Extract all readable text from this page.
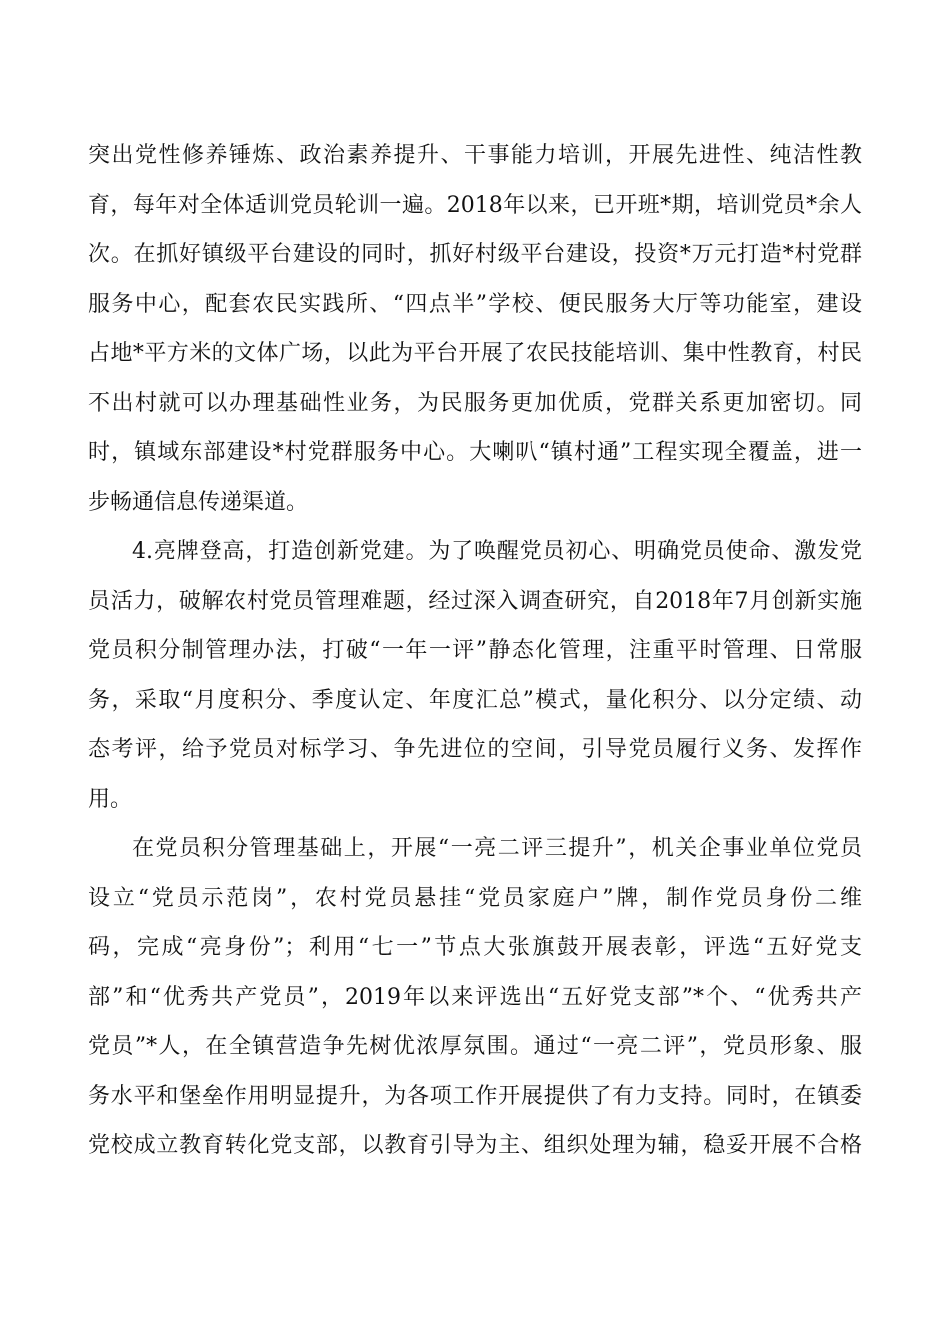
突出党性修养锤炼、政治素养提升、干事能力培训，开展先进性、纯洁性教
育，每年对全体适训党员轮训一遍。2018年以来，已开班*期，培训党员*余人
次。在抓好镇级平台建设的同时，抓好村级平台建设，投资*万元打造*村党群
服务中心，配套农民实践所、“四点半”学校、便民服务大厅等功能室，建设
占地*平方米的文体广场，以此为平台开展了农民技能培训、集中性教育，村民
不出村就可以办理基础性业务，为民服务更加优质，党群关系更加密切。同
时，镇域东部建设*村党群服务中心。大喇叭“镇村通”工程实现全覆盖，进一
步畅通信息传递渠道。
4.亮牌登高，打造创新党建。为了唤醒党员初心、明确党员使命、激发党
员活力，破解农村党员管理难题，经过深入调查研究，自2018年7月创新实施
党员积分制管理办法，打破“一年一评”静态化管理，注重平时管理、日常服
务，采取“月度积分、季度认定、年度汇总”模式，量化积分、以分定绩、动
态考评，给予党员对标学习、争先进位的空间，引导党员履行义务、发挥作
用。
在党员积分管理基础上，开展“一亮二评三提升”，机关企事业单位党员
设立“党员示范岗”，农村党员悬挂“党员家庭户”牌，制作党员身份二维
码，完成“亮身份”；利用“七一”节点大张旗鼓开展表彰，评选“五好党支
部”和“优秀共产党员”，2019年以来评选出“五好党支部”*个、“优秀共产
党员”*人，在全镇营造争先树优浓厚氛围。通过“一亮二评”，党员形象、服
务水平和堡垒作用明显提升，为各项工作开展提供了有力支持。同时，在镇委
党校成立教育转化党支部，以教育引导为主、组织处理为辅，稳妥开展不合格
